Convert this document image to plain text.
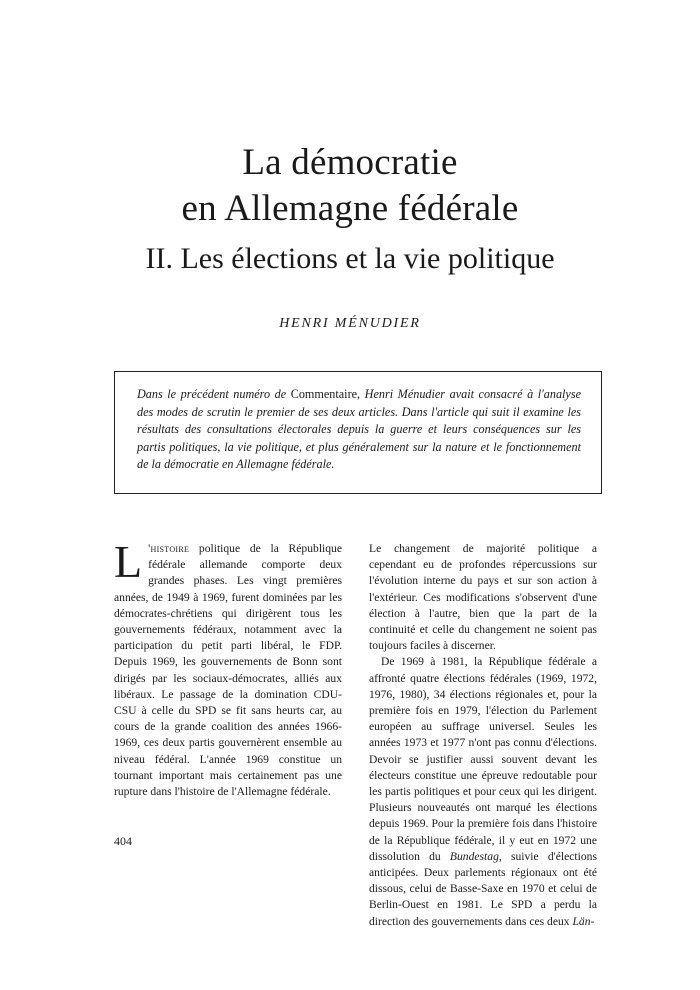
La démocratie
en Allemagne fédérale
II. Les élections et la vie politique
HENRI MÉNUDIER
Dans le précédent numéro de Commentaire, Henri Ménudier avait consacré à l'analyse des modes de scrutin le premier de ses deux articles. Dans l'article qui suit il examine les résultats des consultations électorales depuis la guerre et leurs conséquences sur les partis politiques, la vie politique, et plus généralement sur la nature et le fonctionnement de la démocratie en Allemagne fédérale.

L 'histoire politique de la République fédérale allemande comporte deux grandes phases. Les vingt premières années, de 1949 à 1969, furent dominées par les démocrates-chrétiens qui dirigèrent tous les gouvernements fédéraux, notamment avec la participation du petit parti libéral, le FDP. Depuis 1969, les gouvernements de Bonn sont dirigés par les sociaux-démocrates, alliés aux libéraux. Le passage de la domination CDU-CSU à celle du SPD se fit sans heurts car, au cours de la grande coalition des années 1966-1969, ces deux partis gouvernèrent ensemble au niveau fédéral. L'année 1969 constitue un tournant important mais certainement pas une rupture dans l'histoire de l'Allemagne fédérale.

Le changement de majorité politique a cependant eu de profondes répercussions sur l'évolution interne du pays et sur son action à l'extérieur. Ces modifications s'observent d'une élection à l'autre, bien que la part de la continuité et celle du changement ne soient pas toujours faciles à discerner.

De 1969 à 1981, la République fédérale a affronté quatre élections fédérales (1969, 1972, 1976, 1980), 34 élections régionales et, pour la première fois en 1979, l'élection du Parlement européen au suffrage universel. Seules les années 1973 et 1977 n'ont pas connu d'élections. Devoir se justifier aussi souvent devant les électeurs constitue une épreuve redoutable pour les partis politiques et pour ceux qui les dirigent. Plusieurs nouveautés ont marqué les élections depuis 1969. Pour la première fois dans l'histoire de la République fédérale, il y eut en 1972 une dissolution du Bundestag, suivie d'élections anticipées. Deux parlements régionaux ont été dissous, celui de Basse-Saxe en 1970 et celui de Berlin-Ouest en 1981. Le SPD a perdu la direction des gouvernements dans ces deux Län-

404
